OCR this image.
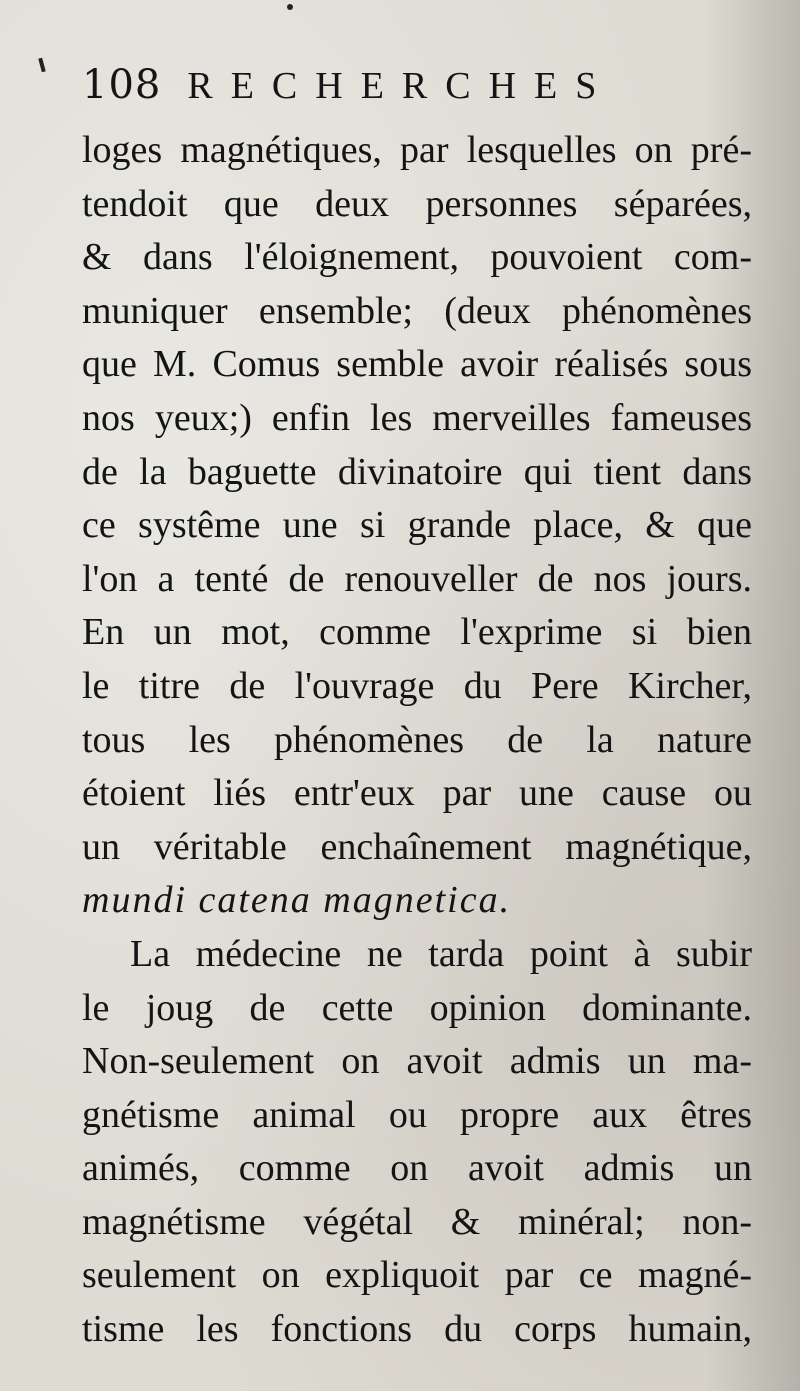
108 RECHERCHES
loges magnétiques, par lesquelles on pré-
tendoit que deux personnes séparées,
& dans l'éloignement, pouvoient com-
muniquer ensemble; (deux phénomènes
que M. Comus semble avoir réalisés sous
nos yeux;) enfin les merveilles fameuses
de la baguette divinatoire qui tient dans
ce systême une si grande place, & que
l'on a tenté de renouveller de nos jours.
En un mot, comme l'exprime si bien
le titre de l'ouvrage du Pere Kircher,
tous les phénomènes de la nature
étoient liés entr'eux par une cause ou
un véritable enchaînement magnétique,
mundi catena magnetica.
La médecine ne tarda point à subir
le joug de cette opinion dominante.
Non-seulement on avoit admis un ma-
gnétisme animal ou propre aux êtres
animés, comme on avoit admis un
magnétisme végétal & minéral; non-
seulement on expliquoit par ce magné-
tisme les fonctions du corps humain,
